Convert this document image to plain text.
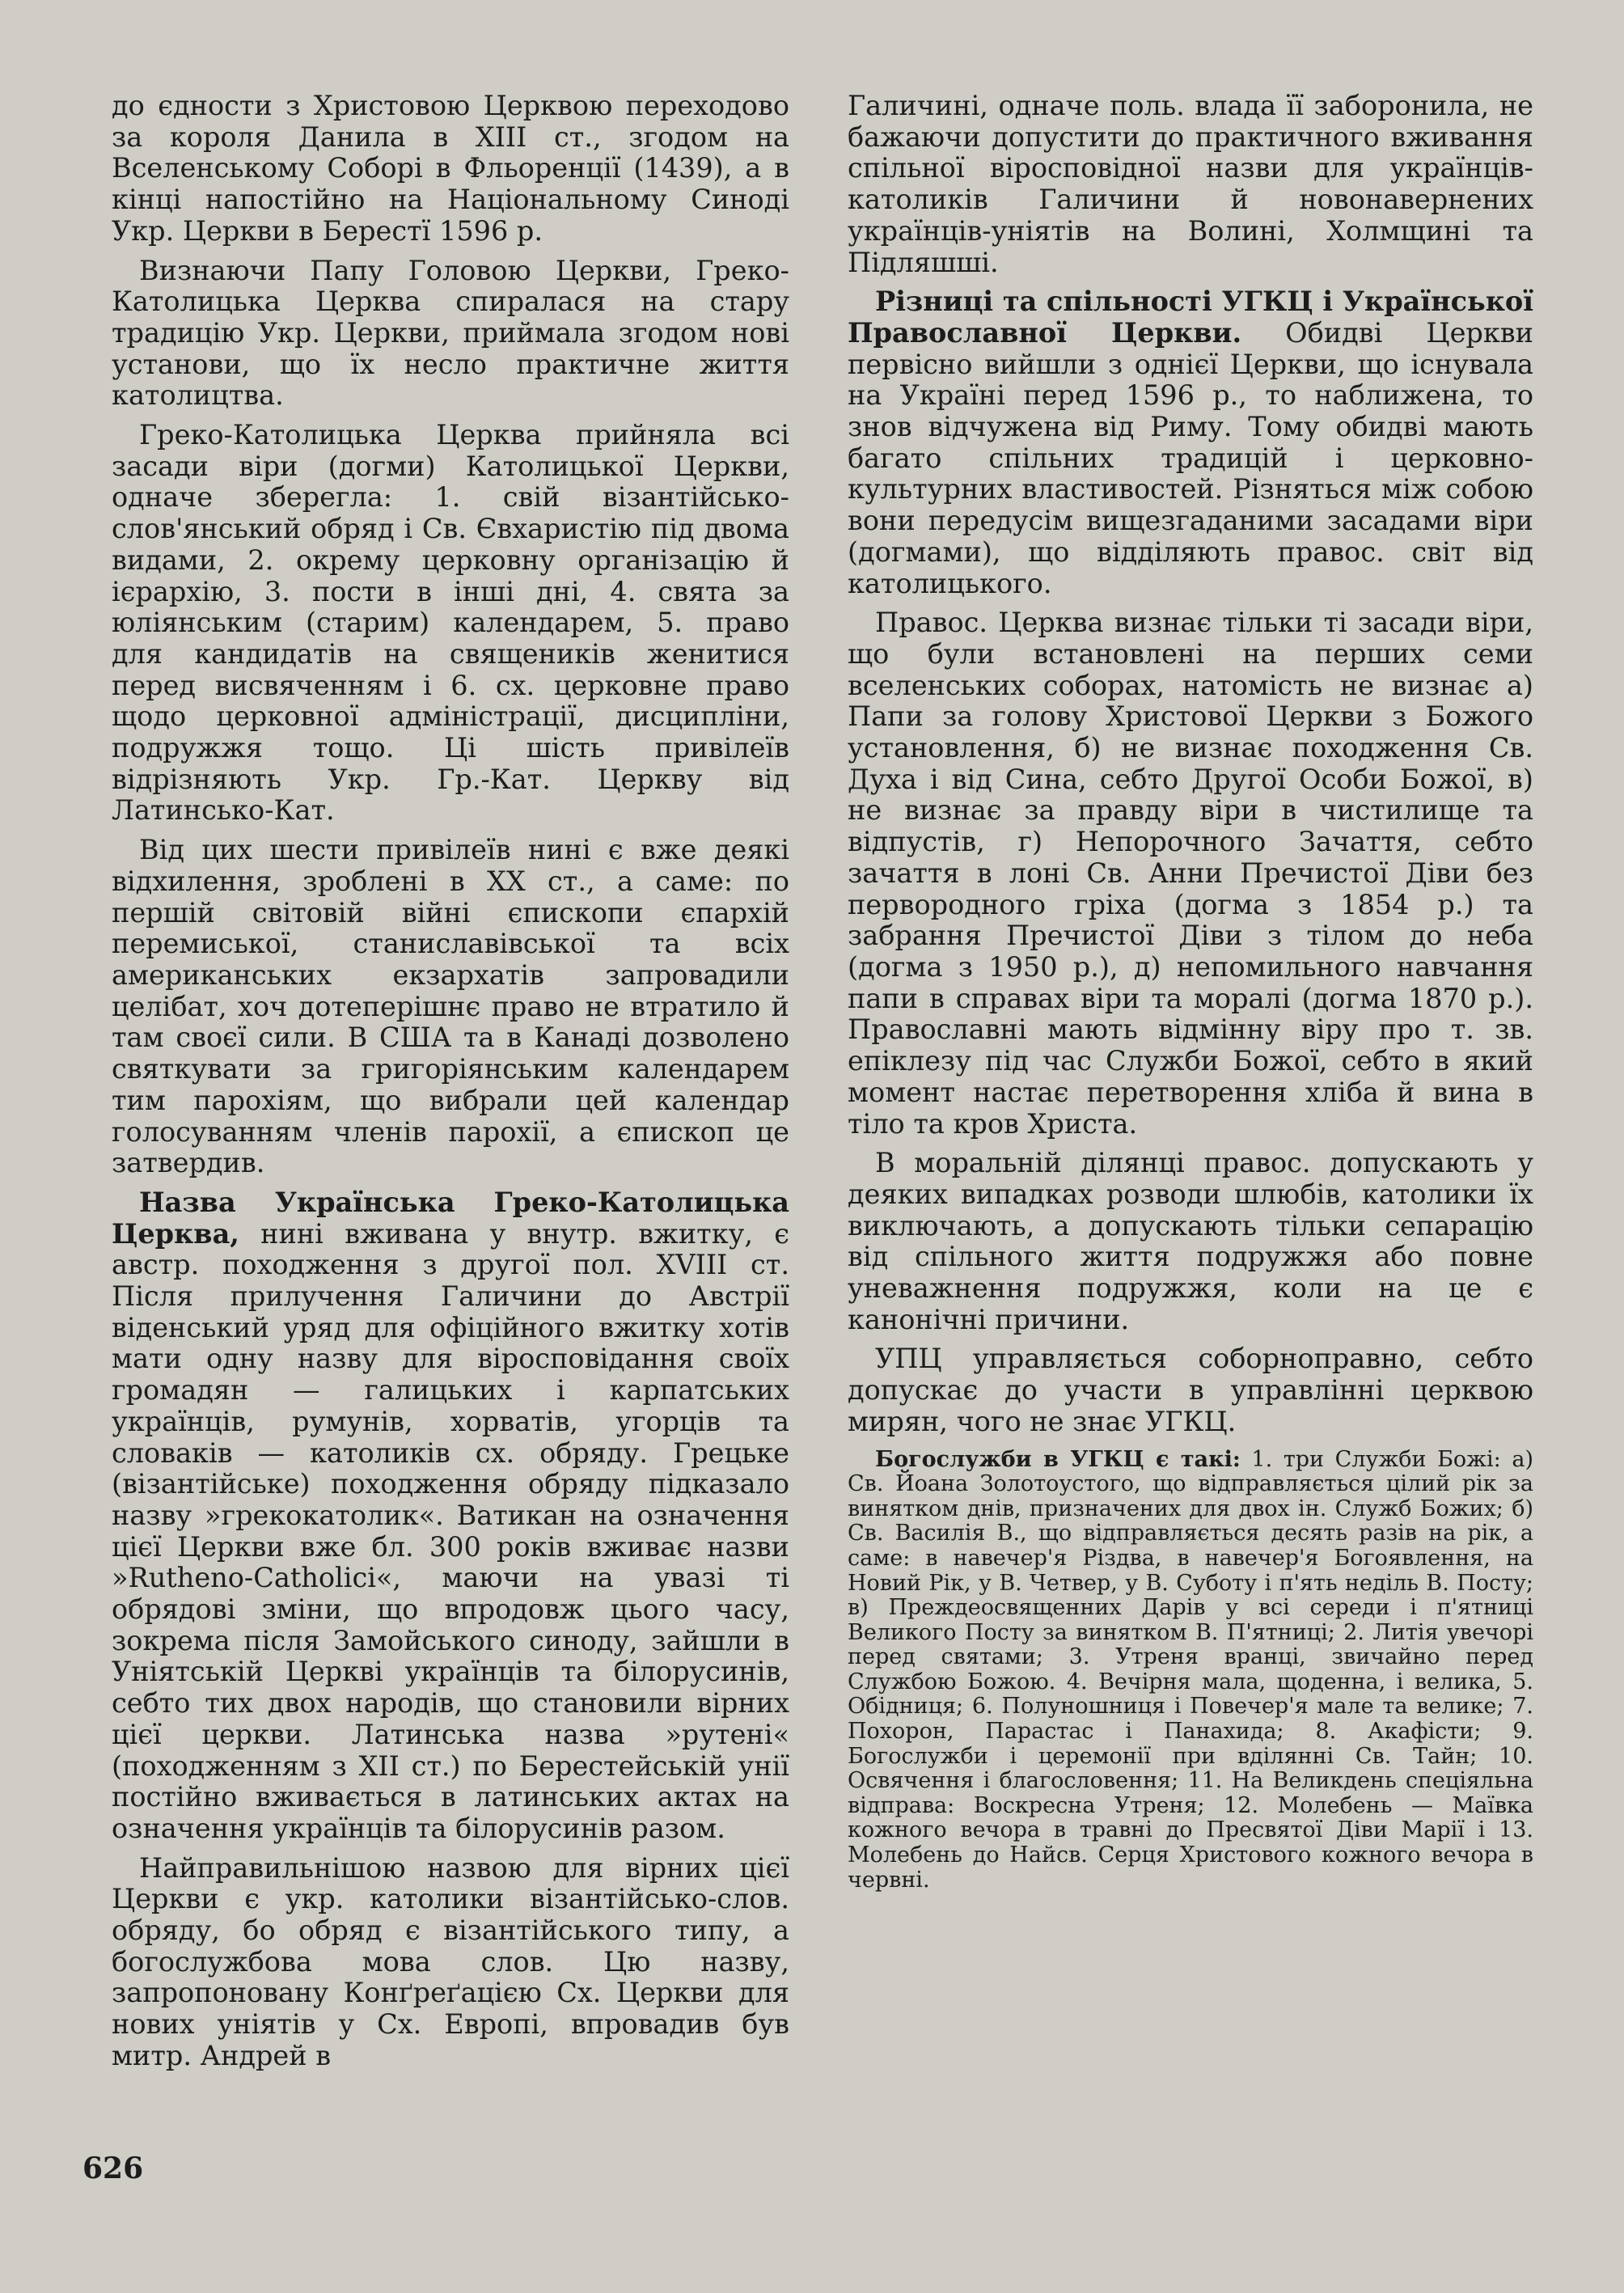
до єдности з Христовою Церквою переходово за короля Данила в XIII ст., згодом на Вселенському Соборі в Фльоренції (1439), а в кінці напостійно на Національному Синоді Укр. Церкви в Берестї 1596 р.

Визнаючи Папу Головою Церкви, Греко-Католицька Церква спиралася на стару традицію Укр. Церкви, приймала згодом нові установи, що їх несло практичне життя католицтва.

Греко-Католицька Церква прийняла всі засади віри (догми) Католицької Церкви, одначе зберегла: 1. свій візантійсько-слов'янський обряд і Св. Євхаристію під двома видами, 2. окрему церковну організацію й ієрархію, 3. пости в інші дні, 4. свята за юліянським (старим) календарем, 5. право для кандидатів на священиків женитися перед висвяченням і 6. сх. церковне право щодо церковної адміністрації, дисципліни, подружжя тощо. Ці шість привілеїв відрізняють Укр. Гр.-Кат. Церкву від Латинсько-Кат.

Від цих шести привілеїв нині є вже деякі відхилення, зроблені в XX ст., а саме: по першій світовій війні єпископи єпархій перемиської, станиславівської та всіх американських екзархатів запровадили целібат, хоч дотеперішнє право не втратило й там своєї сили. В США та в Канаді дозволено святкувати за григоріянським календарем тим парохіям, що вибрали цей календар голосуванням членів парохії, а єпископ це затвердив.

Назва Українська Греко-Католицька Церква, нині вживана у внутр. вжитку, є австр. походження з другої пол. XVIII ст. Після прилучення Галичини до Австрії віденський уряд для офіційного вжитку хотів мати одну назву для віросповідання своїх громадян — галицьких і карпатських українців, румунів, хорватів, угорців та словаків — католиків сх. обряду. Грецьке (візантійське) походження обряду підказало назву »грекокатолик«. Ватикан на означення цієї Церкви вже бл. 300 років вживає назви »Rutheno-Catholici«, маючи на увазі ті обрядові зміни, що впродовж цього часу, зокрема після Замойського синоду, зайшли в Уніятській Церкві українців та білорусинів, себто тих двох народів, що становили вірних цієї церкви. Латинська назва »рутені« (походженням з XII ст.) по Берестейській унії постійно вживається в латинських актах на означення українців та білорусинів разом.

Найправильнішою назвою для вірних цієї Церкви є укр. католики візантійсько-слов. обряду, бо обряд є візантійського типу, а богослужбова мова слов. Цю назву, запропоновану Конґреґацією Сх. Церкви для нових уніятів у Сх. Европі, впровадив був митр. Андрей в

Галичині, одначе поль. влада її заборонила, не бажаючи допустити до практичного вживання спільної віросповідної назви для українців-католиків Галичини й новонавернених українців-уніятів на Волині, Холмщині та Підляшші.

Різниці та спільності УГКЦ і Української Православної Церкви. Обидві Церкви первісно вийшли з однієї Церкви, що існувала на Україні перед 1596 р., то наближена, то знов відчужена від Риму. Тому обидві мають багато спільних традицій і церковно-культурних властивостей. Різняться між собою вони передусім вищезгаданими засадами віри (догмами), що відділяють правос. світ від католицького.

Правос. Церква визнає тільки ті засади віри, що були встановлені на перших семи вселенських соборах, натомість не визнає а) Папи за голову Христової Церкви з Божого установлення, б) не визнає походження Св. Духа і від Сина, себто Другої Особи Божої, в) не визнає за правду віри в чистилище та відпустів, г) Непорочного Зачаття, себто зачаття в лоні Св. Анни Пречистої Діви без первородного гріха (догма з 1854 р.) та забрання Пречистої Діви з тілом до неба (догма з 1950 р.), д) непомильного навчання папи в справах віри та моралі (догма 1870 р.). Православні мають відмінну віру про т. зв. епіклезу під час Служби Божої, себто в який момент настає перетворення хліба й вина в тіло та кров Христа.

В моральній ділянці правос. допускають у деяких випадках розводи шлюбів, католики їх виключають, а допускають тільки сепарацію від спільного життя подружжя або повне уневажнення подружжя, коли на це є канонічні причини.

УПЦ управляється соборноправно, себто допускає до участи в управлінні церквою мирян, чого не знає УГКЦ.

Богослужби в УГКЦ є такі: 1. три Служби Божі: а) Св. Йоана Золотоустого, що відправляється цілий рік за винятком днів, призначених для двох ін. Служб Божих; б) Св. Василія В., що відправляється десять разів на рік, а саме: в навечер'я Різдва, в навечер'я Богоявлення, на Новий Рік, у В. Четвер, у В. Суботу і п'ять неділь В. Посту; в) Преждеосвященних Дарів у всі середи і п'ятниці Великого Посту за винятком В. П'ятниці; 2. Литія увечорі перед святами; 3. Утреня вранці, звичайно перед Службою Божою. 4. Вечірня мала, щоденна, і велика, 5. Обідниця; 6. Полуношниця і Повечер'я мале та велике; 7. Похорон, Парастас і Панахида; 8. Акафісти; 9. Богослужби і церемонії при вділянні Св. Тайн; 10. Освячення і благословення; 11. На Великдень спеціяльна відправа: Воскресна Утреня; 12. Молебень — Маївка кожного вечора в травні до Пресвятої Діви Марії і 13. Молебень до Найсв. Серця Христового кожного вечора в червні.

626
